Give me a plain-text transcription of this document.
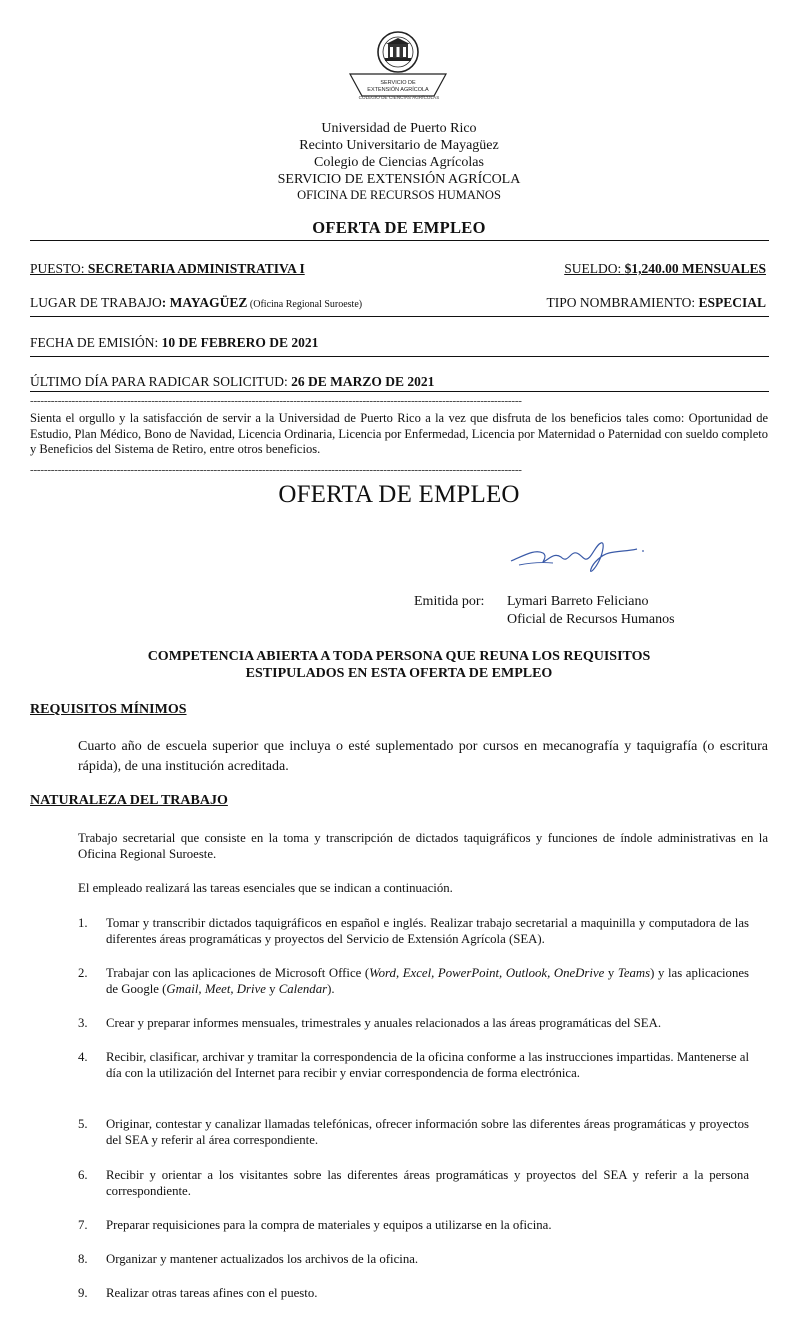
SERVICIO DE
EXTENSIÓN AGRÍCOLA
COLEGIO DE CIENCIAS AGRÍCOLAS
Universidad de Puerto Rico
Recinto Universitario de Mayagüez
Colegio de Ciencias Agrícolas
SERVICIO DE EXTENSIÓN AGRÍCOLA
OFICINA DE RECURSOS HUMANOS
OFERTA DE EMPLEO
PUESTO: SECRETARIA ADMINISTRATIVA I	SUELDO: $1,240.00 MENSUALES
LUGAR DE TRABAJO: MAYAGÜEZ (Oficina Regional Suroeste)	TIPO NOMBRAMIENTO: ESPECIAL
FECHA DE EMISIÓN: 10 DE FEBRERO DE 2021
ÚLTIMO DÍA PARA RADICAR SOLICITUD: 26 DE MARZO DE 2021
----------------------------------------------------------------------------------------------------------------------------------------------
Sienta el orgullo y la satisfacción de servir a la Universidad de Puerto Rico a la vez que disfruta de los beneficios tales como: Oportunidad de Estudio, Plan Médico, Bono de Navidad, Licencia Ordinaria, Licencia por Enfermedad, Licencia por Maternidad o Paternidad con sueldo completo y Beneficios del Sistema de Retiro, entre otros beneficios.
----------------------------------------------------------------------------------------------------------------------------------------------
OFERTA DE EMPLEO
Emitida por: Lymari Barreto Feliciano
Oficial de Recursos Humanos
COMPETENCIA ABIERTA A TODA PERSONA QUE REUNA LOS REQUISITOS
ESTIPULADOS EN ESTA OFERTA DE EMPLEO
REQUISITOS MÍNIMOS
Cuarto año de escuela superior que incluya o esté suplementado por cursos en mecanografía y taquigrafía (o escritura rápida), de una institución acreditada.
NATURALEZA DEL TRABAJO
Trabajo secretarial que consiste en la toma y transcripción de dictados taquigráficos y funciones de índole administrativas en la Oficina Regional Suroeste.
El empleado realizará las tareas esenciales que se indican a continuación.
1. Tomar y transcribir dictados taquigráficos en español e inglés. Realizar trabajo secretarial a maquinilla y computadora de las diferentes áreas programáticas y proyectos del Servicio de Extensión Agrícola (SEA).
2. Trabajar con las aplicaciones de Microsoft Office (Word, Excel, PowerPoint, Outlook, OneDrive y Teams) y las aplicaciones de Google (Gmail, Meet, Drive y Calendar).
3. Crear y preparar informes mensuales, trimestrales y anuales relacionados a las áreas programáticas del SEA.
4. Recibir, clasificar, archivar y tramitar la correspondencia de la oficina conforme a las instrucciones impartidas. Mantenerse al día con la utilización del Internet para recibir y enviar correspondencia de forma electrónica.
5. Originar, contestar y canalizar llamadas telefónicas, ofrecer información sobre las diferentes áreas programáticas y proyectos del SEA y referir al área correspondiente.
6. Recibir y orientar a los visitantes sobre las diferentes áreas programáticas y proyectos del SEA y referir a la persona correspondiente.
7. Preparar requisiciones para la compra de materiales y equipos a utilizarse en la oficina.
8. Organizar y mantener actualizados los archivos de la oficina.
9. Realizar otras tareas afines con el puesto.
